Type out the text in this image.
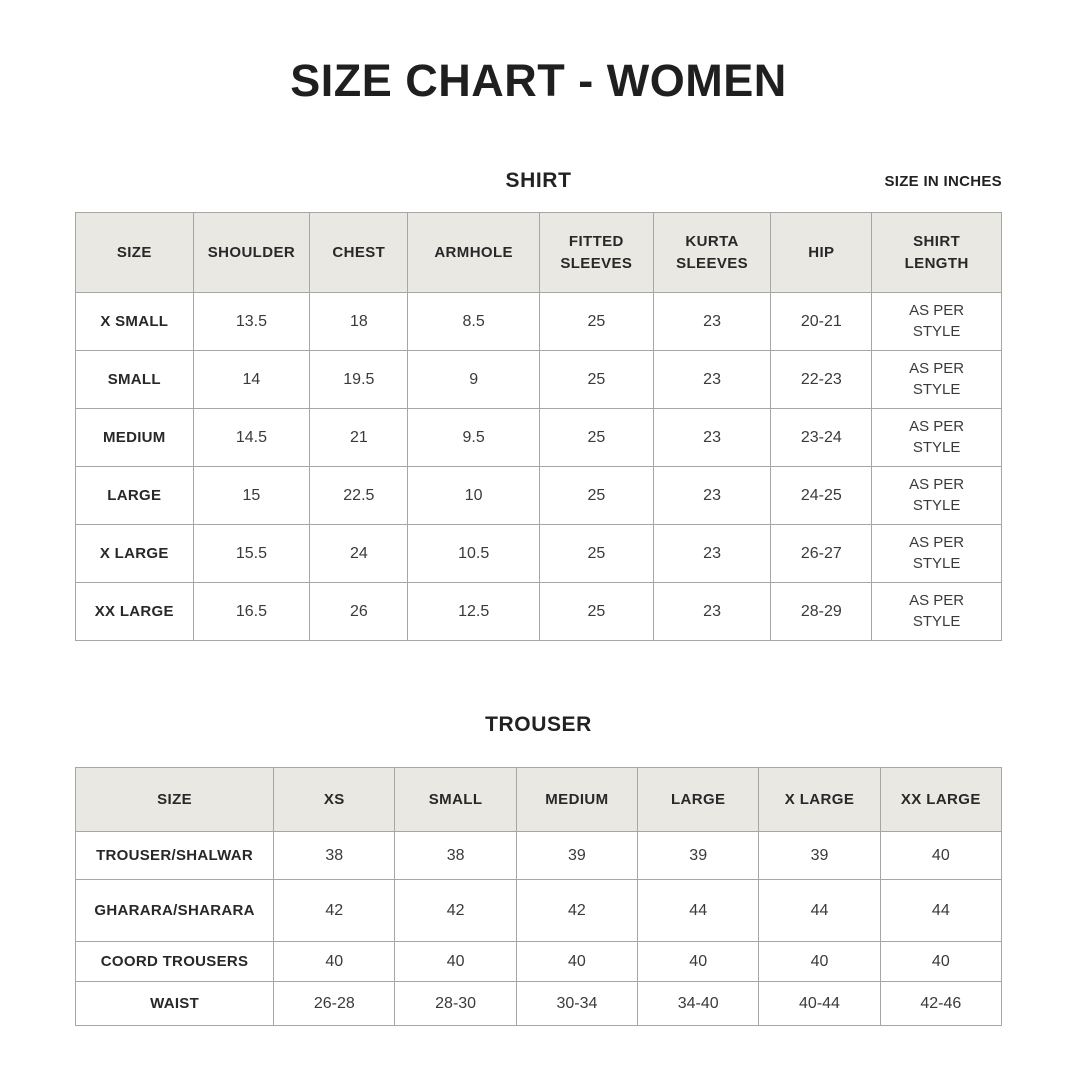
SIZE CHART - WOMEN
SHIRT	SIZE IN INCHES
SIZE	SHOULDER	CHEST	ARMHOLE	FITTED SLEEVES	KURTA SLEEVES	HIP	SHIRT LENGTH
X SMALL	13.5	18	8.5	25	23	20-21	AS PER STYLE
SMALL	14	19.5	9	25	23	22-23	AS PER STYLE
MEDIUM	14.5	21	9.5	25	23	23-24	AS PER STYLE
LARGE	15	22.5	10	25	23	24-25	AS PER STYLE
X LARGE	15.5	24	10.5	25	23	26-27	AS PER STYLE
XX LARGE	16.5	26	12.5	25	23	28-29	AS PER STYLE
TROUSER
SIZE	XS	SMALL	MEDIUM	LARGE	X LARGE	XX LARGE
TROUSER/SHALWAR	38	38	39	39	39	40
GHARARA/SHARARA	42	42	42	44	44	44
COORD TROUSERS	40	40	40	40	40	40
WAIST	26-28	28-30	30-34	34-40	40-44	42-46
